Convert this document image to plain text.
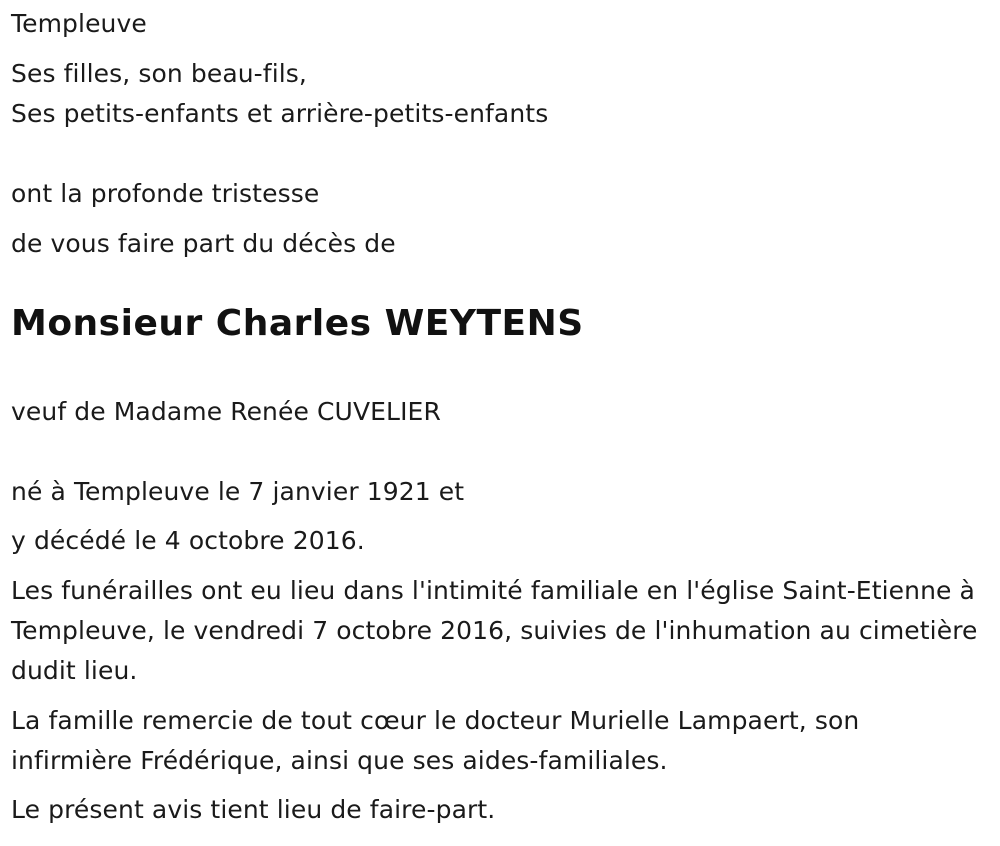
Templeuve

Ses filles, son beau-fils,

Ses petits-enfants et arrière-petits-enfants

ont la profonde tristesse

de vous faire part du décès de

Monsieur Charles WEYTENS

veuf de Madame Renée CUVELIER

né à Templeuve le 7 janvier 1921 et

y décédé le 4 octobre 2016.

Les funérailles ont eu lieu dans l'intimité familiale en l'église Saint-Etienne à Templeuve, le vendredi 7 octobre 2016, suivies de l'inhumation au cimetière dudit lieu.

La famille remercie de tout cœur le docteur Murielle Lampaert, son infirmière Frédérique, ainsi que ses aides-familiales.

Le présent avis tient lieu de faire-part.
